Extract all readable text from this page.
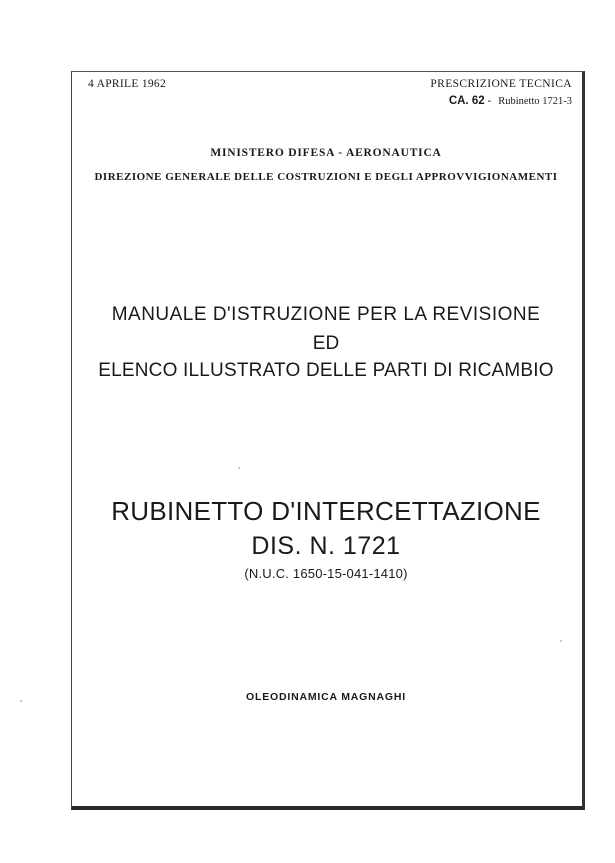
4 APRILE 1962	PRESCRIZIONE TECNICA
CA. 62 - Rubinetto 1721-3
MINISTERO DIFESA - AERONAUTICA
DIREZIONE GENERALE DELLE COSTRUZIONI E DEGLI APPROVVIGIONAMENTI
MANUALE D'ISTRUZIONE PER LA REVISIONE
ED
ELENCO ILLUSTRATO DELLE PARTI DI RICAMBIO
RUBINETTO D'INTERCETTAZIONE
DIS. N. 1721
(N.U.C. 1650-15-041-1410)
OLEODINAMICA MAGNAGHI
